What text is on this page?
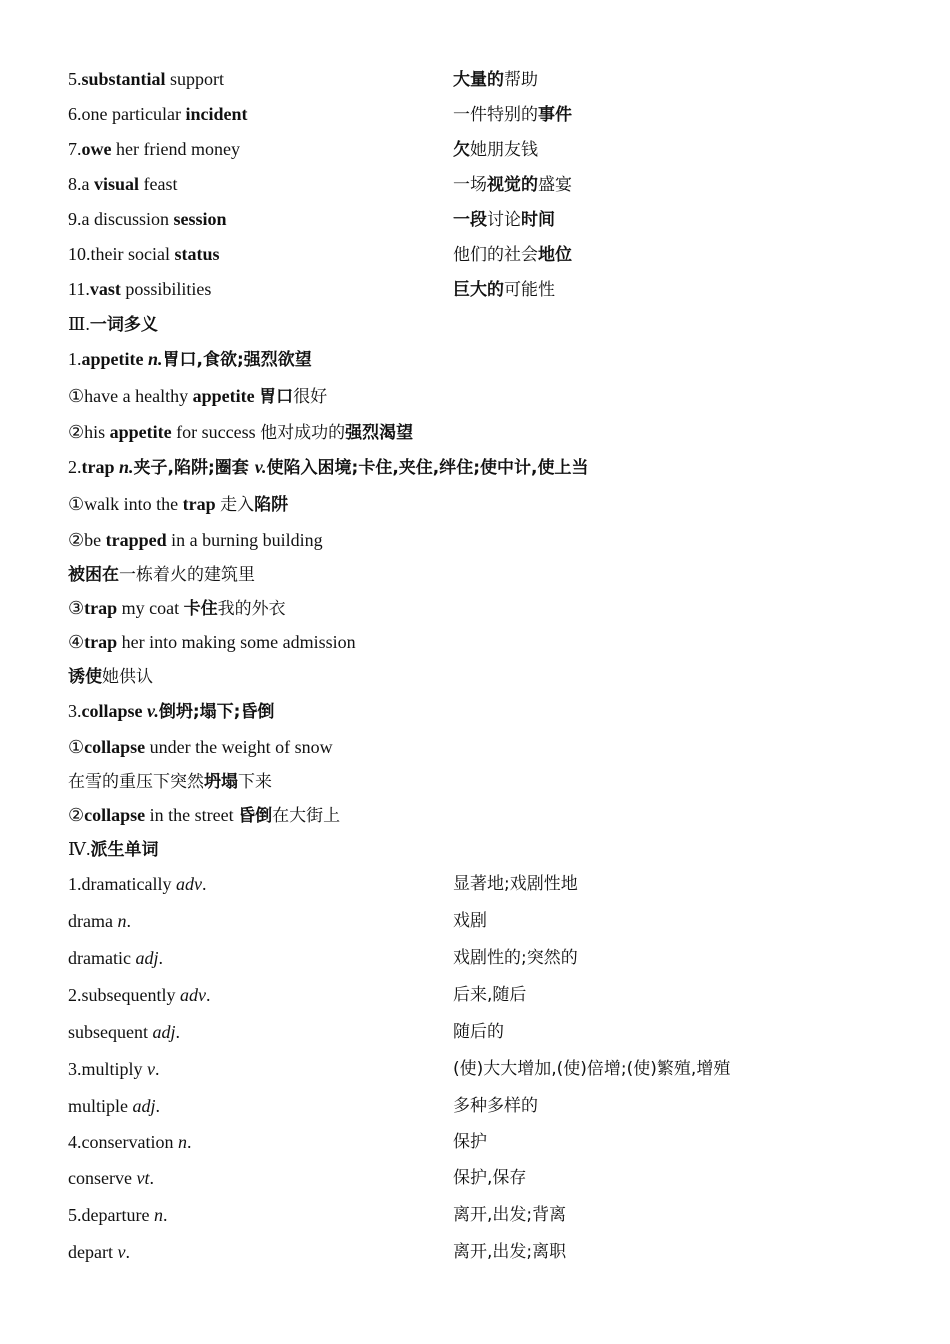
5.substantial support	大量的帮助
6.one particular incident	一件特别的事件
7.owe her friend money	欠她朋友钱
8.a visual feast	一场视觉的盛宴
9.a discussion session	一段讨论时间
10.their social status	他们的社会地位
11.vast possibilities	巨大的可能性
Ⅲ.一词多义
1.appetite n.胃口,食欲;强烈欲望
①have a healthy appetite 胃口很好
②his appetite for success 他对成功的强烈渴望
2.trap n.夹子,陷阱;圈套 v.使陷入困境;卡住,夹住,绊住;使中计,使上当
①walk into the trap 走入陷阱
②be trapped in a burning building
被困在一栋着火的建筑里
③trap my coat 卡住我的外衣
④trap her into making some admission
诱使她供认
3.collapse v.倒坍;塌下;昏倒
①collapse under the weight of snow
在雪的重压下突然坍塌下来
②collapse in the street 昏倒在大街上
Ⅳ.派生单词
1.dramatically adv.	显著地;戏剧性地
drama n.	戏剧
dramatic adj.	戏剧性的;突然的
2.subsequently adv.	后来,随后
subsequent adj.	随后的
3.multiply v.	(使)大大增加,(使)倍增;(使)繁殖,增殖
multiple adj.	多种多样的
4.conservation n.	保护
conserve vt.	保护,保存
5.departure n.	离开,出发;背离
depart v.	离开,出发;离职
